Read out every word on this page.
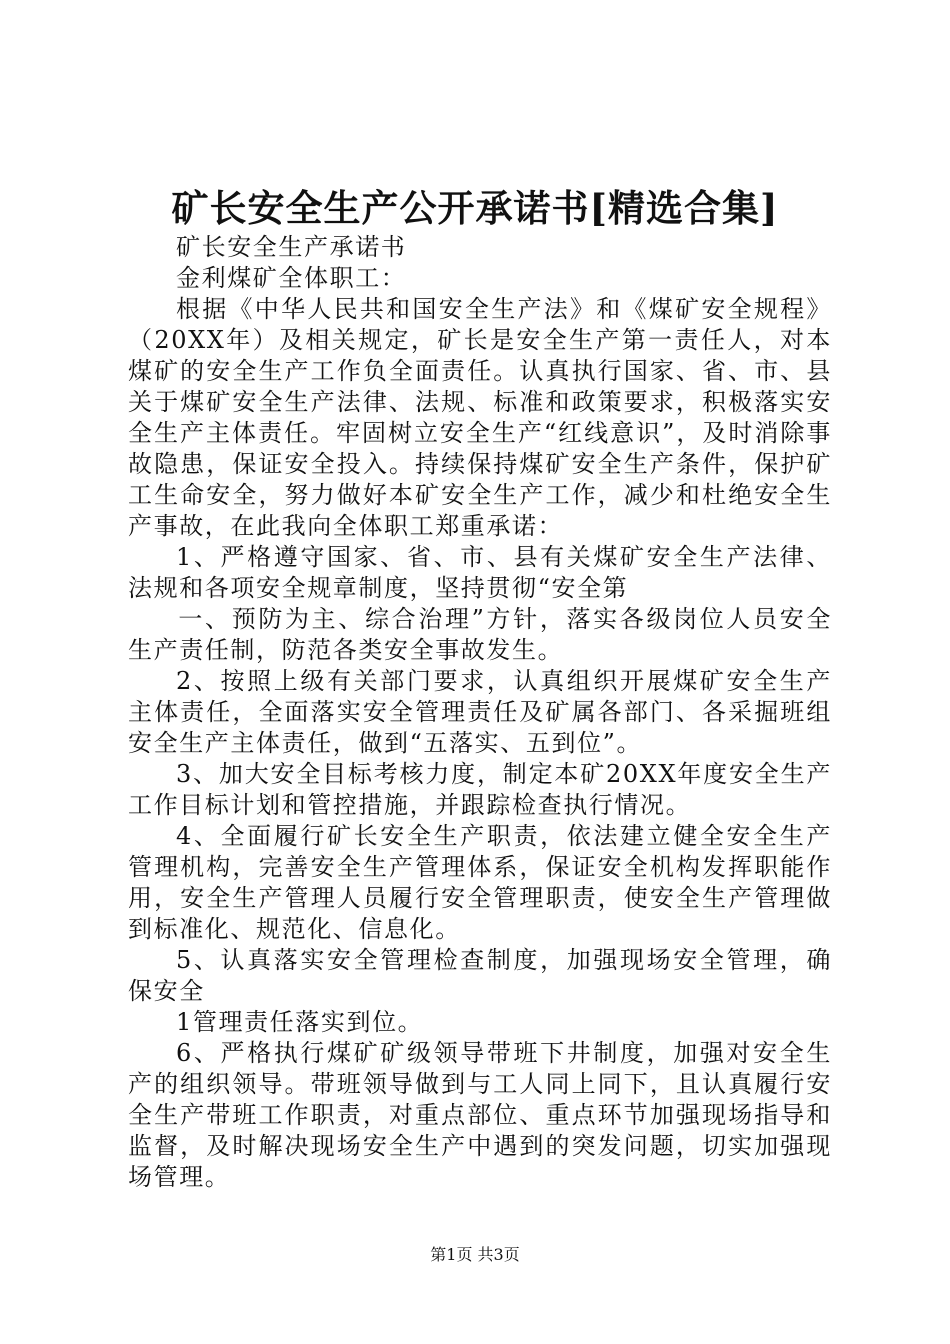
矿长安全生产公开承诺书[精选合集]

矿长安全生产承诺书

金利煤矿全体职工：

根据《中华人民共和国安全生产法》和《煤矿安全规程》（20XX年）及相关规定，矿长是安全生产第一责任人，对本煤矿的安全生产工作负全面责任。认真执行国家、省、市、县关于煤矿安全生产法律、法规、标准和政策要求，积极落实安全生产主体责任。牢固树立安全生产“红线意识”，及时消除事故隐患，保证安全投入。持续保持煤矿安全生产条件，保护矿工生命安全，努力做好本矿安全生产工作，减少和杜绝安全生产事故，在此我向全体职工郑重承诺：

1、严格遵守国家、省、市、县有关煤矿安全生产法律、法规和各项安全规章制度，坚持贯彻“安全第

一、预防为主、综合治理”方针，落实各级岗位人员安全生产责任制，防范各类安全事故发生。

2、按照上级有关部门要求，认真组织开展煤矿安全生产主体责任，全面落实安全管理责任及矿属各部门、各采掘班组安全生产主体责任，做到“五落实、五到位”。

3、加大安全目标考核力度，制定本矿20XX年度安全生产工作目标计划和管控措施，并跟踪检查执行情况。

4、全面履行矿长安全生产职责，依法建立健全安全生产管理机构，完善安全生产管理体系，保证安全机构发挥职能作用，安全生产管理人员履行安全管理职责，使安全生产管理做到标准化、规范化、信息化。

5、认真落实安全管理检查制度，加强现场安全管理，确保安全

1管理责任落实到位。

6、严格执行煤矿矿级领导带班下井制度，加强对安全生产的组织领导。带班领导做到与工人同上同下，且认真履行安全生产带班工作职责，对重点部位、重点环节加强现场指导和监督，及时解决现场安全生产中遇到的突发问题，切实加强现场管理。

第1页 共3页
